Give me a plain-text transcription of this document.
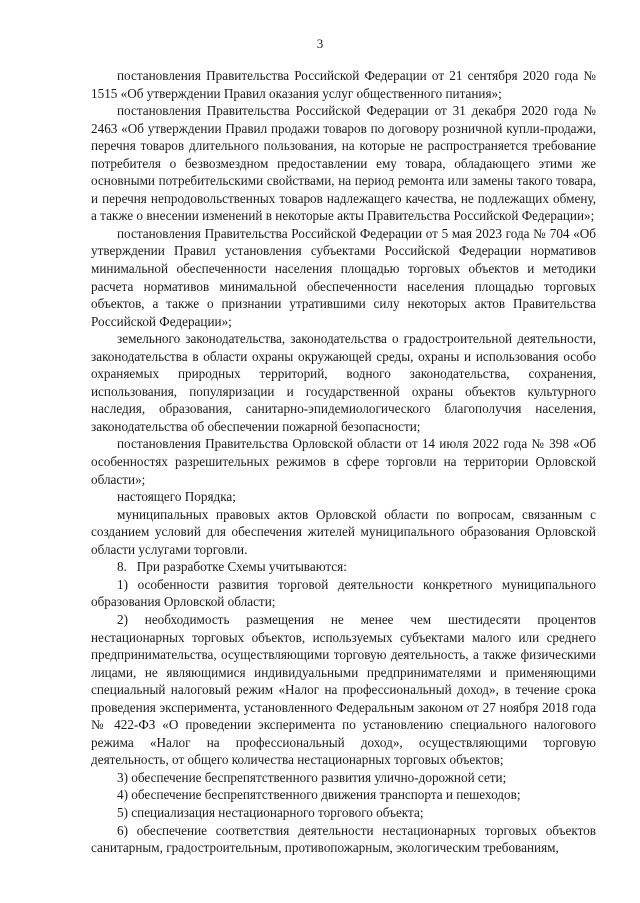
3

постановления Правительства Российской Федерации от 21 сентября 2020 года № 1515 «Об утверждении Правил оказания услуг общественного питания»;

постановления Правительства Российской Федерации от 31 декабря 2020 года № 2463 «Об утверждении Правил продажи товаров по договору розничной купли-продажи, перечня товаров длительного пользования, на которые не распространяется требование потребителя о безвозмездном предоставлении ему товара, обладающего этими же основными потребительскими свойствами, на период ремонта или замены такого товара, и перечня непродовольственных товаров надлежащего качества, не подлежащих обмену, а также о внесении изменений в некоторые акты Правительства Российской Федерации»;

постановления Правительства Российской Федерации от 5 мая 2023 года № 704 «Об утверждении Правил установления субъектами Российской Федерации нормативов минимальной обеспеченности населения площадью торговых объектов и методики расчета нормативов минимальной обеспеченности населения площадью торговых объектов, а также о признании утратившими силу некоторых актов Правительства Российской Федерации»;

земельного законодательства, законодательства о градостроительной деятельности, законодательства в области охраны окружающей среды, охраны и использования особо охраняемых природных территорий, водного законодательства, сохранения, использования, популяризации и государственной охраны объектов культурного наследия, образования, санитарно-эпидемиологического благополучия населения, законодательства об обеспечении пожарной безопасности;

постановления Правительства Орловской области от 14 июля 2022 года № 398 «Об особенностях разрешительных режимов в сфере торговли на территории Орловской области»;

настоящего Порядка;

муниципальных правовых актов Орловской области по вопросам, связанным с созданием условий для обеспечения жителей муниципального образования Орловской области услугами торговли.

8.   При разработке Схемы учитываются:

1) особенности развития торговой деятельности конкретного муниципального образования Орловской области;

2) необходимость размещения не менее чем шестидесяти процентов нестационарных торговых объектов, используемых субъектами малого или среднего предпринимательства, осуществляющими торговую деятельность, а также физическими лицами, не являющимися индивидуальными предпринимателями и применяющими специальный налоговый режим «Налог на профессиональный доход», в течение срока проведения эксперимента, установленного Федеральным законом от 27 ноября 2018 года № 422-ФЗ «О проведении эксперимента по установлению специального налогового режима «Налог на профессиональный доход», осуществляющими торговую деятельность, от общего количества нестационарных торговых объектов;

3) обеспечение беспрепятственного развития улично-дорожной сети;

4) обеспечение беспрепятственного движения транспорта и пешеходов;

5) специализация нестационарного торгового объекта;

6) обеспечение соответствия деятельности нестационарных торговых объектов санитарным, градостроительным, противопожарным, экологическим требованиям,
